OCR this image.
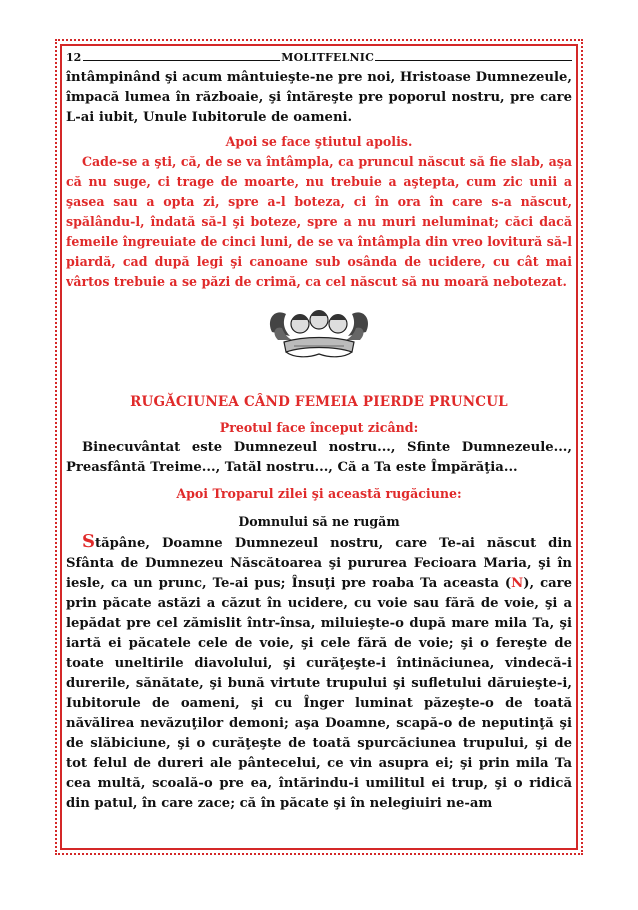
12	MOLITFELNIC

întâmpinând şi acum mântuieşte-ne pre noi, Hristoase Dumnezeule, împacă lumea în războaie, şi întăreşte pre poporul nostru, pre care L-ai iubit, Unule Iubitorule de oameni.

Apoi se face ştiutul apolis.

Cade-se a şti, că, de se va întâmpla, ca pruncul născut să fie slab, aşa că nu suge, ci trage de moarte, nu trebuie a aştepta, cum zic unii a şasea sau a opta zi, spre a-l boteza, ci în ora în care s-a născut, spălându-l, îndată să-l şi boteze, spre a nu muri neluminat; căci dacă femeile îngreuiate de cinci luni, de se va întâmpla din vreo lovitură să-l piardă, cad după legi şi canoane sub osânda de ucidere, cu cât mai vârtos trebuie a se păzi de crimă, ca cel născut să nu moară nebotezat.

RUGĂCIUNEA CÂND FEMEIA PIERDE PRUNCUL

Preotul face început zicând:

Binecuvântat este Dumnezeul nostru..., Sfinte Dumnezeule..., Preasfântă Treime..., Tatăl nostru..., Că a Ta este Împărăţia...

Apoi Troparul zilei şi această rugăciune:

Domnului să ne rugăm

Stăpâne, Doamne Dumnezeul nostru, care Te-ai născut din Sfânta de Dumnezeu Născătoarea şi pururea Fecioara Maria, şi în iesle, ca un prunc, Te-ai pus; Însuţi pre roaba Ta aceasta (N), care prin păcate astăzi a căzut în ucidere, cu voie sau fără de voie, şi a lepădat pre cel zămislit într-însa, miluieşte-o după mare mila Ta, şi iartă ei păcatele cele de voie, şi cele fără de voie; şi o fereşte de toate uneltirile diavolului, şi curăţeşte-i întinăciunea, vindecă-i durerile, sănătate, şi bună virtute trupului şi sufletului dăruieşte-i, Iubitorule de oameni, şi cu Înger luminat păzeşte-o de toată năvălirea nevăzuţilor demoni; aşa Doamne, scapă-o de neputinţă şi de slăbiciune, şi o curăţeşte de toată spurcăciunea trupului, şi de tot felul de dureri ale pântecelui, ce vin asupra ei; şi prin mila Ta cea multă, scoală-o pre ea, întărindu-i umilitul ei trup, şi o ridică din patul, în care zace; că în păcate şi în nelegiuiri ne-am
